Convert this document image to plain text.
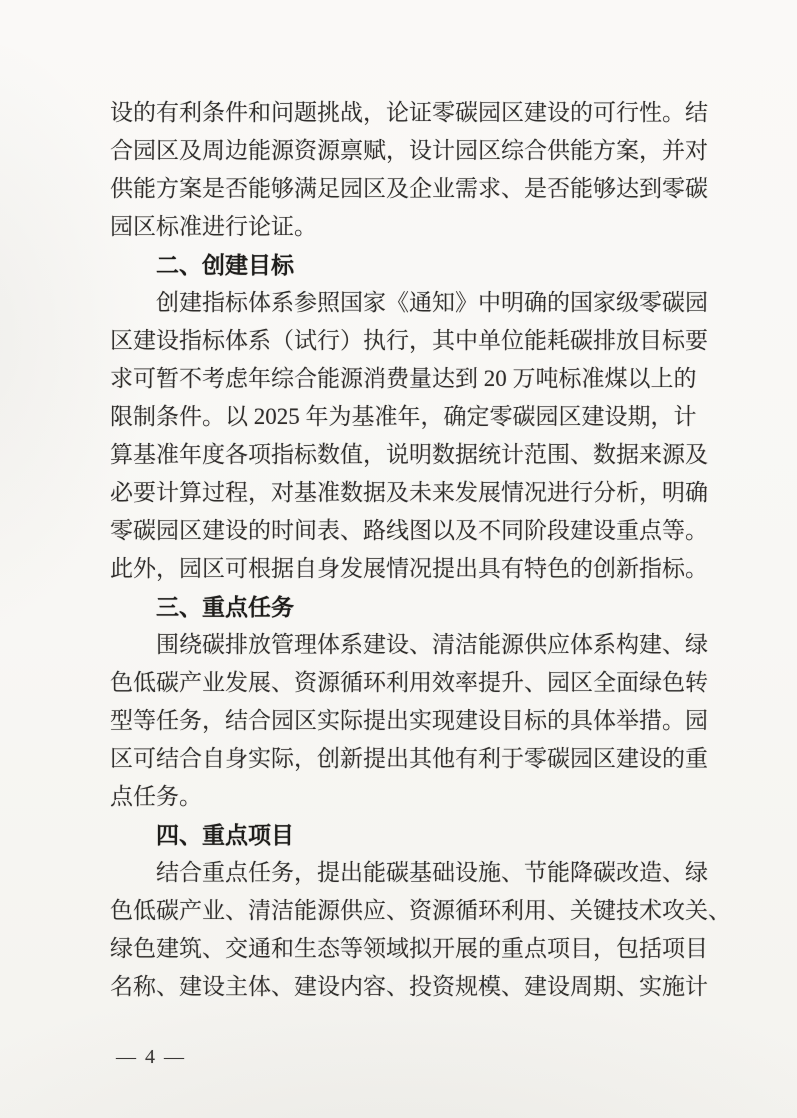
设的有利条件和问题挑战，论证零碳园区建设的可行性。结
合园区及周边能源资源禀赋，设计园区综合供能方案，并对
供能方案是否能够满足园区及企业需求、是否能够达到零碳
园区标准进行论证。
二、创建目标
创建指标体系参照国家《通知》中明确的国家级零碳园
区建设指标体系（试行）执行，其中单位能耗碳排放目标要
求可暂不考虑年综合能源消费量达到 20 万吨标准煤以上的
限制条件。以 2025 年为基准年，确定零碳园区建设期，计
算基准年度各项指标数值，说明数据统计范围、数据来源及
必要计算过程，对基准数据及未来发展情况进行分析，明确
零碳园区建设的时间表、路线图以及不同阶段建设重点等。
此外，园区可根据自身发展情况提出具有特色的创新指标。
三、重点任务
围绕碳排放管理体系建设、清洁能源供应体系构建、绿
色低碳产业发展、资源循环利用效率提升、园区全面绿色转
型等任务，结合园区实际提出实现建设目标的具体举措。园
区可结合自身实际，创新提出其他有利于零碳园区建设的重
点任务。
四、重点项目
结合重点任务，提出能碳基础设施、节能降碳改造、绿
色低碳产业、清洁能源供应、资源循环利用、关键技术攻关、
绿色建筑、交通和生态等领域拟开展的重点项目，包括项目
名称、建设主体、建设内容、投资规模、建设周期、实施计
— 4 —
